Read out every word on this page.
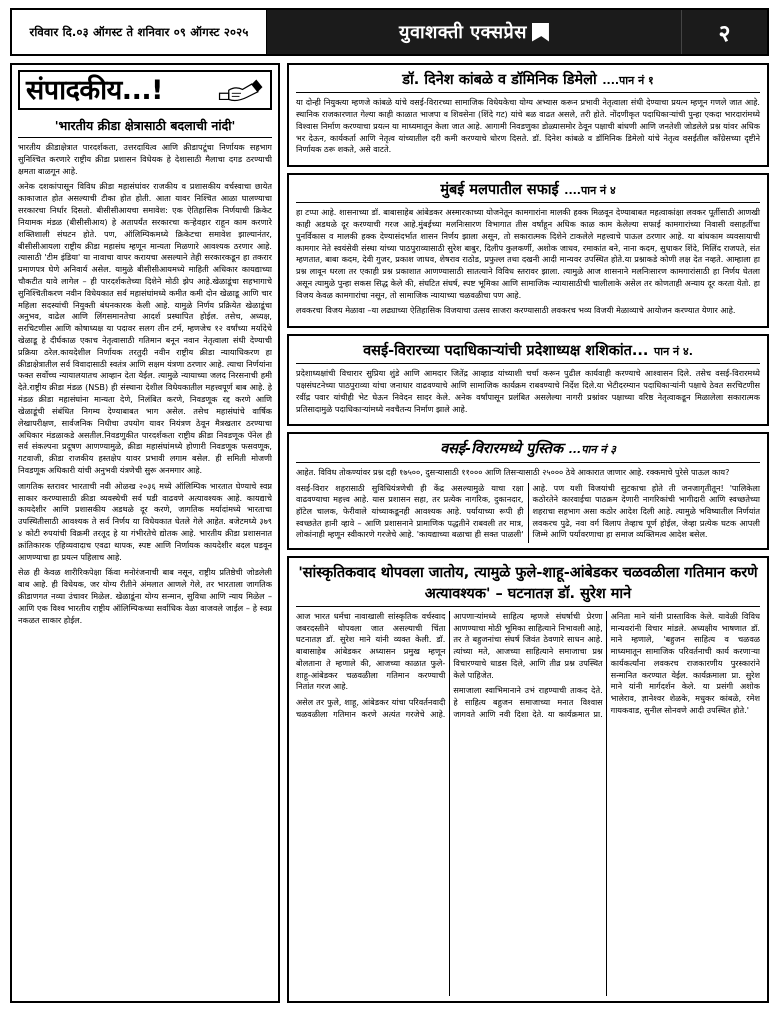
रविवार दि.०३ ऑगस्ट ते शनिवार ०९ ऑगस्ट २०२५	युवाशक्ती एक्सप्रेस	२
संपादकीय...!
'भारतीय क्रीडा क्षेत्रासाठी बदलाची नांदी'

भारतीय क्रीडाक्षेत्रात पारदर्शकता, उत्तरदायित्व आणि क्रीडापटूंचा निर्णायक सहभाग सुनिश्चित करणारे राष्ट्रीय क्रीडा प्रशासन विधेयक हे देशासाठी मैलाचा दगड ठरण्याची क्षमता बाळगून आहे.

अनेक दशकांपासून विविध क्रीडा महासंघांवर राजकीय व प्रशासकीय वर्चस्वाचा छायेत काकाजात होत असल्याची टीका होत होती. आता यावर निश्चित आळा घालण्याचा सरकारचा निर्धार दिसतो. बीसीसीआयचा समावेश: एक ऐतिहासिक निर्णयाची क्रिकेट नियामक मंडळ (बीसीसीआय) हे अतापर्यंत सरकारचा कऱ्हेवहार राहून काम करणारे शक्तिशाली संघटन होते. पण, ऑलिम्पिकमध्ये क्रिकेटचा समावेश झाल्यानंतर, बीसीसीआयला राष्ट्रीय क्रीडा महासंघ म्हणून मान्यता मिळणारे आवश्यक ठरणार आहे. त्यासाठी 'टीम इंडिया' या नावाचा वापर करायचा असल्याने तेही सरकारकडून हा तकरार प्रमाणपत्र घेणे अनिवार्य असेल. यामुळे बीसीसीआयमध्ये माहिती अधिकार कायद्याच्या चौकटीत यावे लागेल – ही पारदर्शकतेच्या दिशेने मोठी झेप आहे.खेळाडूंचा सहभागाचे सुनिश्चितीकरण नवीन विधेयकात सर्व महासंघांमध्ये कमीत कमी दोन खेळाडू आणि चार महिला सदस्यांची नियुक्ती बंधनकारक केली आहे. यामुळे निर्णय प्रक्रियेत खेळाडूंचा अनुभव, वाढेल आणि लिंगसमानतेचा आदर्श प्रस्थापित होईल. तसेच, अध्यक्ष, सरचिटणीस आणि कोषाध्यक्ष या पदावर सलग तीन टर्म, म्हणजेच १२ वर्षांच्या मर्यादेचे खेळाडू हे दीर्घकाळ एकाच नेतृत्वासाठी गतिमान बनून नवान नेतृत्वाला संधी देण्याची प्रक्रिया ठरेल.कायदेशील निर्णायक तरतुदी नवीन राष्ट्रीय क्रीडा न्यायाधिकरण हा क्रीडाक्षेत्रातील सर्व विवादासाठी स्वतंत्र आणि सक्षम यंत्रणा ठरणार आहे. त्याचा निर्णयांना फक्त सर्वोच्च न्यायालयातच आव्हान देता येईल. त्यामुळे न्यायाच्या जलद निरसनाची हमी देते.राष्ट्रीय क्रीडा मंडळ (NSB) ही संस्थाना देशील विधेयकातील महत्त्वपूर्ण बाब आहे. हे मंडळ क्रीडा महासंघांना मान्यता देणे, निलंबित करणे, निवडणूक रद्द करणे आणि खेळाडूंची संबंधित निगम्य देण्याबाबत भाग असेल. तसेच महासंघांचे वार्षिक लेखापरीक्षण, सार्वजनिक निधीचा उपयोग यावर नियंत्रण ठेवून मैत्रखतार ठरण्याचा अधिकार मंडळाकडे असतील.निवडणुकीत पारदर्शकता राष्ट्रीय क्रीडा निवडणूक पॅनेल ही सर्व संकल्पना प्रदूषण आणण्यामुळे, क्रीडा महासंघांमध्ये होणारी निवडणूक फसवणूक, गटवाजी, क्रीडा राजकीय हस्तक्षेप यावर प्रभावी लगाम बसेल. ही समिती मोजणी निवडणूक अधिकारी यांची अनुभवी यंत्रणेची सुरू अनमगार आहे.

जागतिक स्तरावर भारताची नवी ओळख २०३६ मध्ये ऑलिम्पिक भारतात घेण्याचे स्वप्न साकार करण्यासाठी क्रीडा व्यवस्थेची सर्व घडी वाढवणे अत्यावश्यक आहे. कायद्याचे कायदेशीर आणि प्रशासकीय अडथळे दूर करणे, जागतिक मर्यादांमध्ये भारताचा उपस्थितीसाठी आवश्यक ते सर्व निर्णय या विधेयकात घेतले गेले आहेत. बजेटमध्ये ३७९ ४ कोटी रुपयांची विक्रमी तरतूद हे या गंभीरतेचे द्योतक आहे. भारतीय क्रीडा प्रशासनात क्रांतिकारक एहिव्यवादाच एवढा थापक, स्पष्ट आणि निर्णायक कायदेशीर बदल घडवून आणण्याचा हा प्रयत्न पहिलाच आहे.

सेळ ही केवळ शारीरिकपेक्षा किंवा मनोरंजनाची बाब नसून, राष्ट्रीय प्रतिष्ठेची जोडलेली बाब आहे. ही विधेयक, जर योग्य रीतीने अंमलात आणले गेले, तर भारताला जागतिक क्रीडाणगत नव्या उंचावर मिळेल. खेळाडूंना योग्य सन्मान, सुविधा आणि न्याय मिळेल – आणि एक विश्व भारतीय राष्ट्रीय ऑलिम्पिकच्या सर्वाधिक वेळा वाजवले जाईल – हे स्वप्न नकळत साकार होईल.

डॉ. दिनेश कांबळे व डॉमिनिक डिमेलो ....पान नं १

या दोन्ही नियुक्त्या म्हणजे कांबळे यांचे वसई-विरारच्या सामाजिक विधेयकेचा योग्य अभ्यास करून प्रभावी नेतृत्वाला संधी देण्याचा प्रयत्न म्हणून गणले जात आहे. स्थानिक राजकारणात गेल्या काही काळात भाजपा व शिवसेना (शिंदे गट) यांचे बळ वाढत असले, तरी होते. नोंदणीकृत पदाधिकाऱ्यांची पुन्हा एकदा भारदारांमध्ये विश्वास निर्माण करण्याचा प्रयत्न या माध्यमातून केला जात आहे. आगामी निवडणुका डोळ्यासमोर ठेवून पक्षाची बांधणी आणि जनतेशी जोडलेले प्रश्न यांवर अधिक भर देऊन, कार्यकर्ता आणि नेतृत्व यांच्यातील दरी कमी करण्याचे धोरण दिसते. डॉ. दिनेश कांबळे व डॉमिनिक डिमेलो यांचे नेतृत्व वसईतील काँग्रेसच्या दृष्टीने निर्णायक ठरू शकते, असे वाटते.

मुंबई मलपातील सफाई ....पान नं ४

हा टप्पा आहे. शासनाच्या डॉ. बाबासाहेब आंबेडकर अस्मारकाच्या योजनेतून कामगारांना मालकी हक्क मिळवून देण्याबाबत महत्वाकांक्षा लवकर पूर्तीसाठी आणखी काही अडथळे दूर करण्याची गरज आहे.मुंबईच्या मलनिःसारण विभागात तीस वर्षांहून अधिक काळ काम केलेल्या सफाई कामगारांच्या निवासी वसाहतींचा पुनर्विकास व मालकी हक्क देण्यासंदर्भात शासन निर्णय झाला असून, तो सकारात्मक दिशेने टाकलेले महत्त्वाचे पाऊल ठरणार आहे. या बांधकाम व्यवसायाची कामगार नेते स्वयंसेवी संस्था यांच्या पाठपुराव्यासाठी सुरेश बाबुर, दिलीप कुलकर्णी, अशोक जाधव, रमाकांत बने, नाना कदम, सुधाकर शिंदे, मिलिंद राजपते, संत म्हणतात, बाबा कदम, देवी गुजर, प्रकाश जाधव, शेषराव राठोड, प्रफुल्ल तथा दखनी आदी मान्यवर उपस्थित होते.या प्रश्नाकडे कोणी लक्ष देत नव्हते. आम्हाला हा प्रश्न लावून धरला तर एकाही प्रश्न प्रकाशात आणण्यासाठी सातत्याने विविध स्तरावर झाला. त्यामुळे आज शासनाने मलनिःसारण कामगारांसाठी हा निर्णय घेतला असून त्यामुळे पुन्हा सकस सिद्ध केले की, संघटित संघर्ष, स्पष्ट भूमिका आणि सामाजिक न्यायासाठीची चालीलाके असेल तर कोणताही अन्याय दूर करता येतो. हा विजय केवळ कामगारांचा नसून, तो सामाजिक न्यायाच्या चळवळीचा पण आहे.

लवकरचा विजय मेळावा –या लढ्याच्या ऐतिहासिक विजयाचा उत्सव साजरा करण्यासाठी लवकरच भव्य विजयी मेळाव्याचे आयोजन करण्यात येणार आहे.

वसई-विरारच्या पदाधिकाऱ्यांची प्रदेशाध्यक्ष शशिकांत... पान नं ४.

प्रदेशाध्यक्षांची विचारार सुप्रिया शुंडे आणि आमदार जितेंद्र आव्हाड यांच्याशी चर्चा करून पुढील कार्यवाही करण्याचे आश्वासन दिले. तसेच वसई-विरारमध्ये पक्षसंघटनेच्या पाठपुराव्या यांचा जनाधार वाढवण्याचे आणि सामाजिक कार्यक्रम राबवण्याचे निर्देश दिले.या भेटीदरम्यान पदाधिकाऱ्यांनी पक्षाचे ठेवत सरचिटणीस रवींद्र पवार यांचीही भेट घेऊन निवेदन सादर केले. अनेक वर्षांपासून प्रलंबित असलेल्या नागरी प्रश्नांवर पक्षाच्या वरिष्ठ नेतृत्वाकडून मिळालेला सकारात्मक प्रतिसादामुळे पदाधिकाऱ्यांमध्ये नवचैतन्य निर्माण झाले आहे.

वसई-विरारमध्ये पुस्तिक ...पान नं ३

आहेत. विविध तोकण्यांवर प्रश्न दही १७५००, दुसऱ्यासाठी ११००० आणि तिसऱ्यासाठी २५००० ठेवे आकारात जाणार आहे. रक्कमाचे पुरेसे पाऊल काय?

वसई-विरार शहरासाठी सुविधियंत्रणेची ही केंद्र असल्यामुळे याचा रक्षा वाढवण्याचा महत्त्व आहे. यास प्रशासन सहा, तर प्रत्येक नागरिक, दुकानदार, हॉटेल चालक, फेरीवाले यांच्याकडूनही आवश्यक आहे. पर्यायाच्या रूपी ही स्वच्छतेत हानी व्हावे – आणि प्रशासनाने प्रामाणिक पद्धतीने राबवली तर मात्र, लोकांनाही म्हणून स्वीकारणे गरजेचे आहे. 'कायद्याच्या बळाचा ही सक्त पाळली' आहे. पण यशी विजयांची सुटकाचा होते ती जनजागृतीतून! 'पालिकेला कठोरतेने कारवाईचा पाठक्रम देणारी नागरिकांची भागीदारी आणि स्वच्छतेच्या शहराचा सहभाग असा कठोर आदेश दिली आहे. त्यामुळे भविष्यातील निर्णयांत लवकरच पुढे, नवा वर्ग विलाप तेव्हाच पूर्ण होईल, जेव्हा प्रत्येक घटक आपली जिम्मे आणि पर्यावरणाचा हा समाज व्यक्तिमत्व आदेश बसेल.

'सांस्कृतिकवाद थोपवला जातोय, त्यामुळे फुले-शाहू-आंबेडकर चळवळीला गतिमान करणे अत्यावश्यक' – घटनातज्ञ डॉ. सुरेश माने

आज भारत धर्मचा नावाखाली सांस्कृतिक वर्चस्वाद जबरदस्तीने थोपवला जात असल्याची चिंता घटनातज्ञ डॉ. सुरेश माने यांनी व्यक्त केली. डॉ. बाबासाहेब आंबेडकर अध्यासन प्रमुख म्हणून बोलताना ते म्हणाले की, आजच्या काळात फुले-शाहू-आंबेडकर चळवळीला गतिमान करण्याची नितांत गरज आहे.

असेल तर फुले, शाहू, आंबेडकर यांचा परिवर्तनवादी चळवळीला गतिमान करणे अत्यंत गरजेचे आहे. आपणाऱ्यांमध्ये साहित्य म्हणजे संघर्षाची प्रेरणा आणण्याचा मोठी भूमिका साहित्याने निभावली आहे, तर ते बहुजनांचा संघर्ष जिवंत ठेवणारे साधन आहे. त्यांच्या मते, आजच्या साहित्याने समाजाचा प्रश्न विचारण्याचे धाडस दिले, आणि तीव्र प्रश्न उपस्थित केले पाहिजेत.

समाजाला स्वाभिमानाने उभं राहण्याची ताकद देते. हे साहित्य बहुजन समाजाच्या मनात विश्वास जागवते आणि नवी दिशा देते. या कार्यक्रमात प्रा. अनिता माने यांनी प्रास्ताविक केले. यावेळी विविध मान्यवरांनी विचार मांडले. अध्यक्षीय भाषणात डॉ. माने म्हणाले, 'बहुजन साहित्य व चळवळ माध्यमातून सामाजिक परिवर्तनाची कार्य करणाऱ्या कार्यकर्त्यांना लवकरच राजकारणीय पुरस्कारांने सन्मानित करण्यात येईल. कार्यक्रमाला प्रा. सुरेश माने यांनी मार्गदर्शन केले. या प्रसंगी अशोक भालेराव, ज्ञानेश्वर शेळके, मधुकर कांबळे, रमेश गायकवाड, सुनील सोनवणे आदी उपस्थित होते.'
